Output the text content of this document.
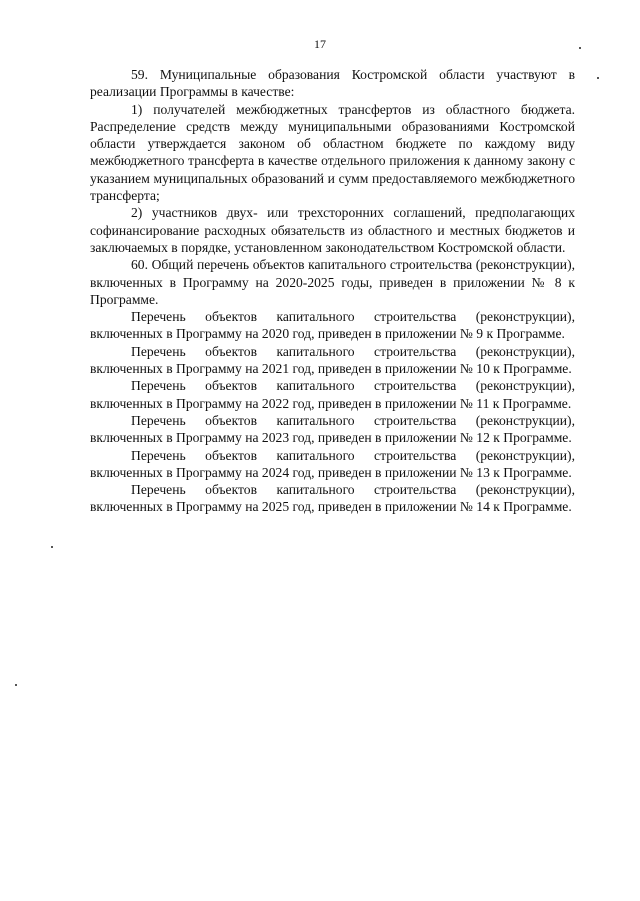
17

59. Муниципальные образования Костромской области участвуют в реализации Программы в качестве:

1) получателей межбюджетных трансфертов из областного бюджета. Распределение средств между муниципальными образованиями Костромской области утверждается законом об областном бюджете по каждому виду межбюджетного трансферта в качестве отдельного приложения к данному закону с указанием муниципальных образований и сумм предоставляемого межбюджетного трансферта;

2) участников двух- или трехсторонних соглашений, предполагающих софинансирование расходных обязательств из областного и местных бюджетов и заключаемых в порядке, установленном законодательством Костромской области.

60. Общий перечень объектов капитального строительства (реконструкции), включенных в Программу на 2020-2025 годы, приведен в приложении № 8 к Программе.

Перечень объектов капитального строительства (реконструкции), включенных в Программу на 2020 год, приведен в приложении № 9 к Программе.

Перечень объектов капитального строительства (реконструкции), включенных в Программу на 2021 год, приведен в приложении № 10 к Программе.

Перечень объектов капитального строительства (реконструкции), включенных в Программу на 2022 год, приведен в приложении № 11 к Программе.

Перечень объектов капитального строительства (реконструкции), включенных в Программу на 2023 год, приведен в приложении № 12 к Программе.

Перечень объектов капитального строительства (реконструкции), включенных в Программу на 2024 год, приведен в приложении № 13 к Программе.

Перечень объектов капитального строительства (реконструкции), включенных в Программу на 2025 год, приведен в приложении № 14 к Программе.
